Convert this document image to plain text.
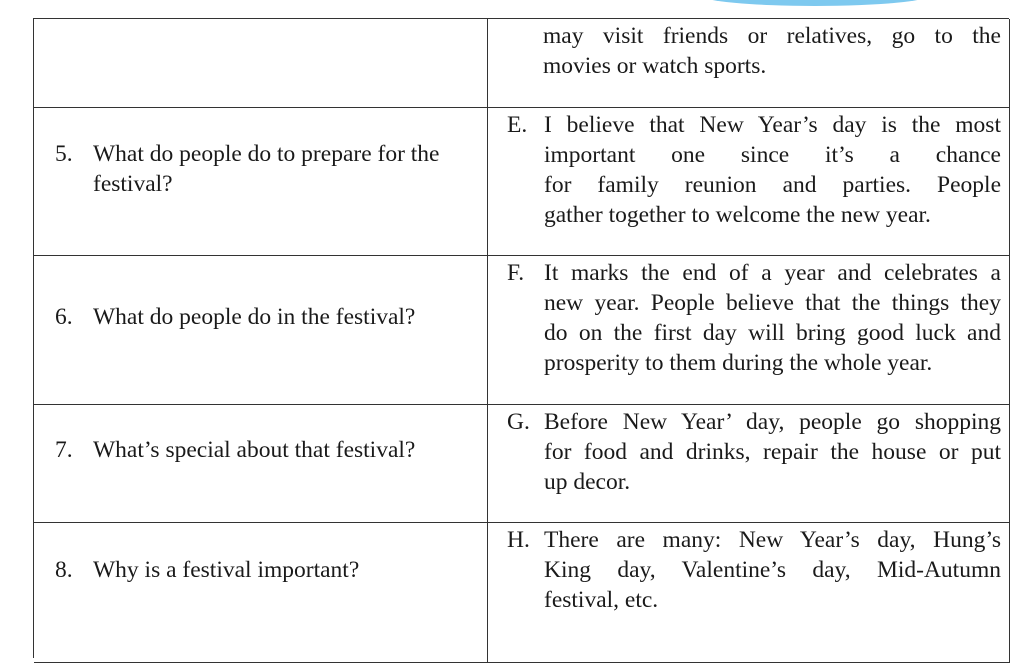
may visit friends or relatives, go to the
movies or watch sports.
5. What do people do to prepare for the
festival?
E. I believe that New Year’s day is the most
important one since it’s a chance
for family reunion and parties. People
gather together to welcome the new year.
6. What do people do in the festival?
F. It marks the end of a year and celebrates a
new year. People believe that the things they
do on the first day will bring good luck and
prosperity to them during the whole year.
7. What’s special about that festival?
G. Before New Year’ day, people go shopping
for food and drinks, repair the house or put
up decor.
8. Why is a festival important?
H. There are many: New Year’s day, Hung’s
King day, Valentine’s day, Mid-Autumn
festival, etc.
